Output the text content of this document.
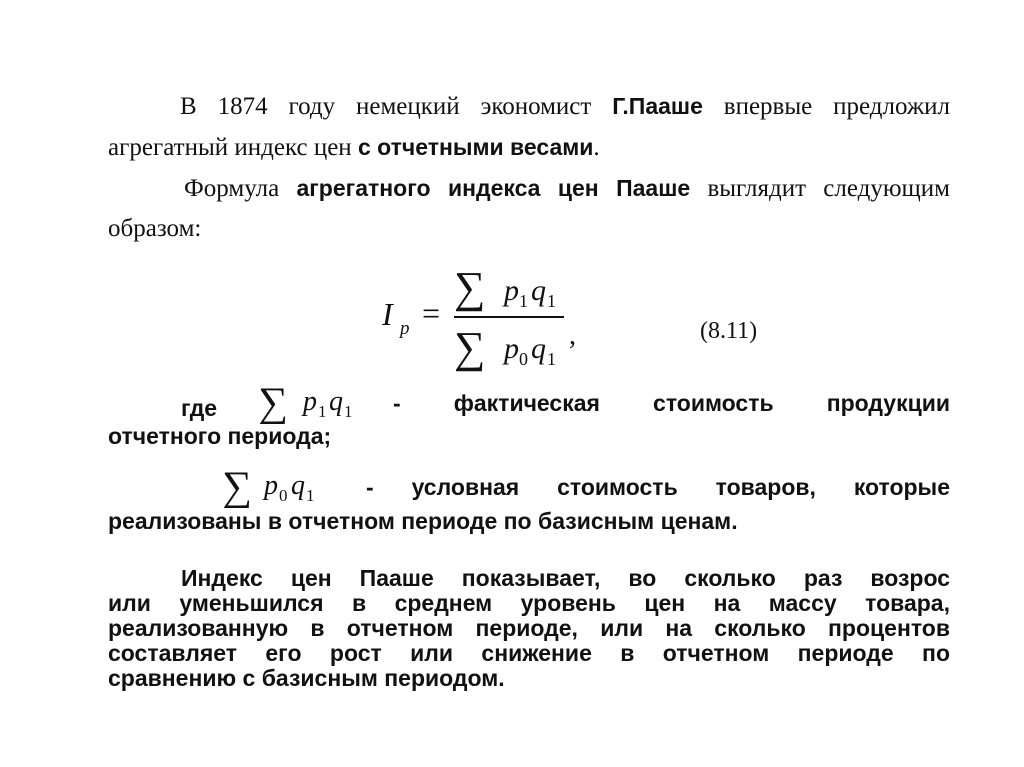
В 1874 году немецкий экономист Г.Пааше впервые предложил агрегатный индекс цен с отчетными весами.
Формула агрегатного индекса цен Пааше выглядит следующим образом:
I p =
∑ p 1 q 1
∑ p 0 q 1
,	(8.11)
где ∑ p 1 q 1 - фактическая стоимость продукции
отчетного периода;
∑ p 0 q 1 - условная стоимость товаров, которые
реализованы в отчетном периоде по базисным ценам.
Индекс цен Пааше показывает, во сколько раз возрос
или уменьшился в среднем уровень цен на массу товара,
реализованную в отчетном периоде, или на сколько процентов
составляет его рост или снижение в отчетном периоде по
сравнению с базисным периодом.
